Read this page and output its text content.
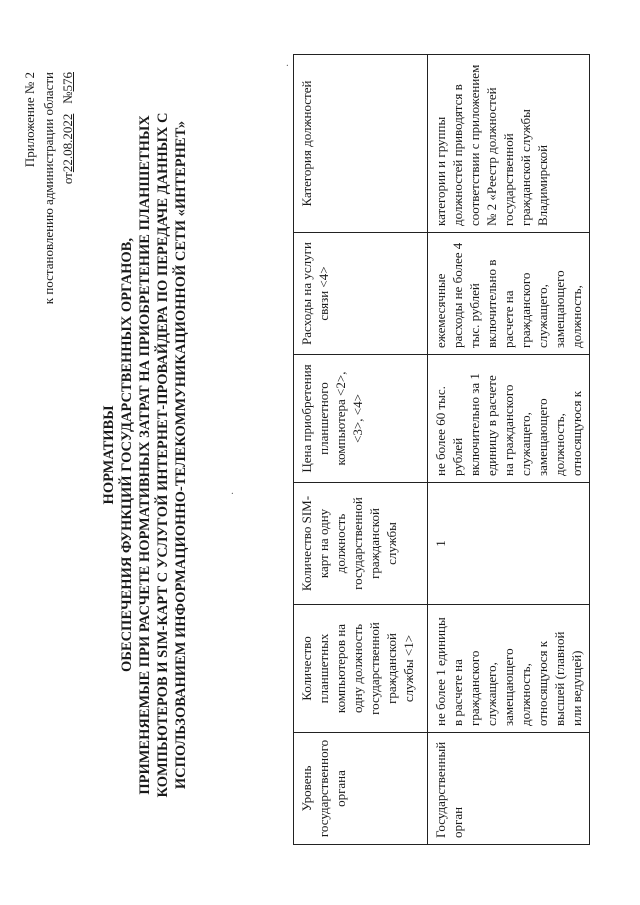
Приложение № 2 к постановлению администрации области от22.08.2022   №576
НОРМАТИВЫ ОБЕСПЕЧЕНИЯ ФУНКЦИЙ ГОСУДАРСТВЕННЫХ ОРГАНОВ, ПРИМЕНЯЕМЫЕ ПРИ РАСЧЕТЕ НОРМАТИВНЫХ ЗАТРАТ НА ПРИОБРЕТЕНИЕ ПЛАНШЕТНЫХ КОМПЬЮТЕРОВ И SIM-КАРТ С УСЛУГОЙ ИНТЕРНЕТ-ПРОВАЙДЕРА ПО ПЕРЕДАЧЕ ДАННЫХ С ИСПОЛЬЗОВАНИЕМ ИНФОРМАЦИОННО-ТЕЛЕКОММУНИКАЦИОННОЙ СЕТИ «ИНТЕРНЕТ»	Уровень государственного органа	Количество планшетных компьютеров на одну должность государственной гражданской службы <1>	Количество SIM-карт на одну должность государственной гражданской службы	Цена приобретения планшетного компьютера <2>, <3>, <4>	Расходы на услуги связи <4>	Категория должностей
Государственный орган	не более 1 единицы в расчете на гражданского служащего, замещающего должность, относящуюся к высшей (главной или ведущей)	1	не более 60 тыс. рублей включительно за 1 единицу в расчете на гражданского служащего, замещающего должность, относящуюся к	ежемесячные расходы не более 4 тыс. рублей включительно в расчете на гражданского служащего, замещающего должность,	категории и группы должностей приводятся в соответствии с приложением № 2 «Реестр должностей государственной гражданской службы Владимирской
·
·
